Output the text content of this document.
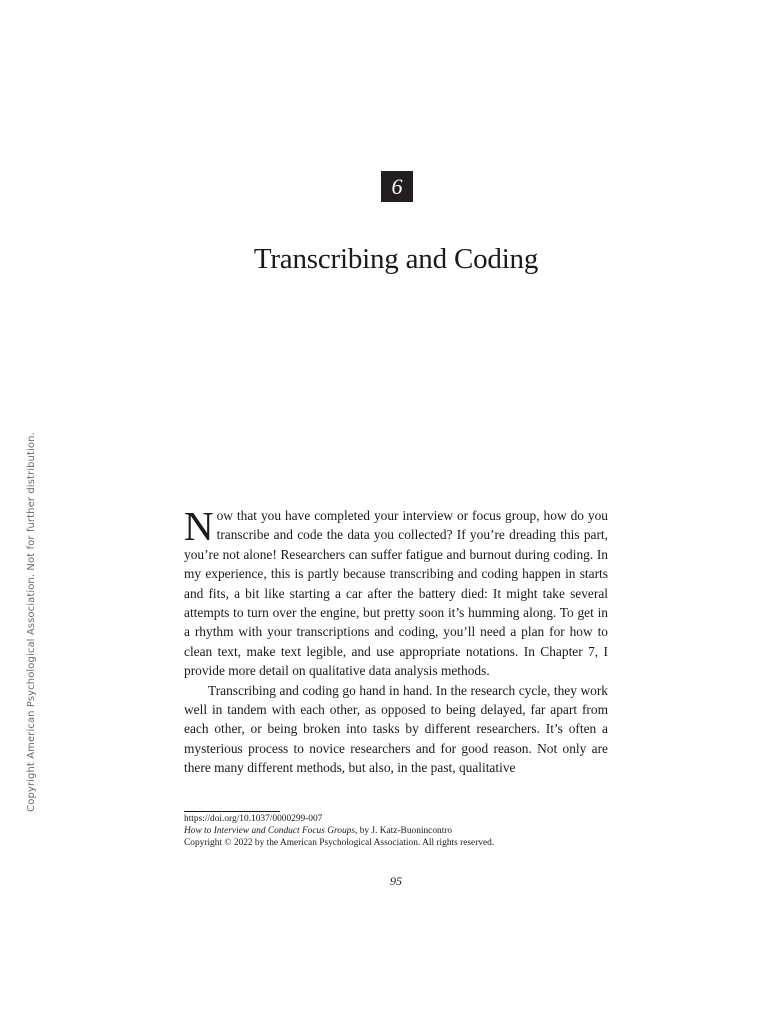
6
Transcribing and Coding
Copyright American Psychological Association. Not for further distribution.	Now that you have completed your interview or focus group, how do you transcribe and code the data you collected? If you’re dreading this part, you’re not alone! Researchers can suffer fatigue and burnout during coding. In my experience, this is partly because transcribing and coding happen in starts and fits, a bit like starting a car after the battery died: It might take several attempts to turn over the engine, but pretty soon it’s humming along. To get in a rhythm with your transcriptions and coding, you’ll need a plan for how to clean text, make text legible, and use appropriate notations. In Chapter 7, I provide more detail on qualitative data analysis methods.

Transcribing and coding go hand in hand. In the research cycle, they work well in tandem with each other, as opposed to being delayed, far apart from each other, or being broken into tasks by different researchers. It’s often a mysterious process to novice researchers and for good reason. Not only are there many different methods, but also, in the past, qualitative

https://doi.org/10.1037/0000299-007
How to Interview and Conduct Focus Groups, by J. Katz-Buonincontro
Copyright © 2022 by the American Psychological Association. All rights reserved.
95
